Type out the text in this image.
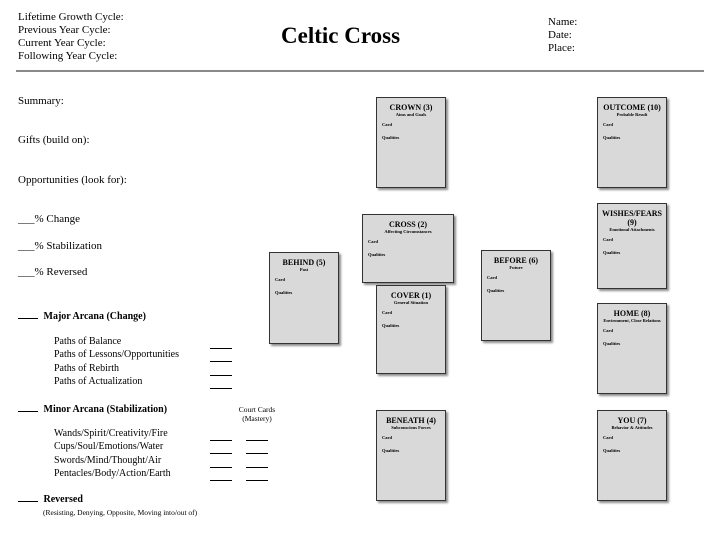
Lifetime Growth Cycle:
Previous Year Cycle:
Current Year Cycle:
Following Year Cycle:
Celtic Cross
Name:
Date:
Place:
Summary:
Gifts (build on):
Opportunities (look for):
___% Change
___% Stabilization
___% Reversed
Major Arcana (Change)
Paths of Balance
Paths of Lessons/Opportunities
Paths of Rebirth
Paths of Actualization
Minor Arcana (Stabilization)	Court Cards
(Mastery)
Wands/Spirit/Creativity/Fire
Cups/Soul/Emotions/Water
Swords/Mind/Thought/Air
Pentacles/Body/Action/Earth
Reversed
(Resisting, Denying, Opposite, Moving into/out of)
CROWN (3)
Aims and Goals
Card
Qualities
OUTCOME (10)
Probable Result
Card
Qualities
CROSS (2)
Affecting Circumstances
Card
Qualities
WISHES/FEARS (9)
Emotional Attachments
Card
Qualities
BEHIND (5)
Past
Card
Qualities
BEFORE (6)
Future
Card
Qualities
COVER (1)
General Situation
Card
Qualities
HOME (8)
Environment, Close Relations
Card
Qualities
BENEATH (4)
Subconscious Forces
Card
Qualities
YOU (7)
Behavior & Attitudes
Card
Qualities
